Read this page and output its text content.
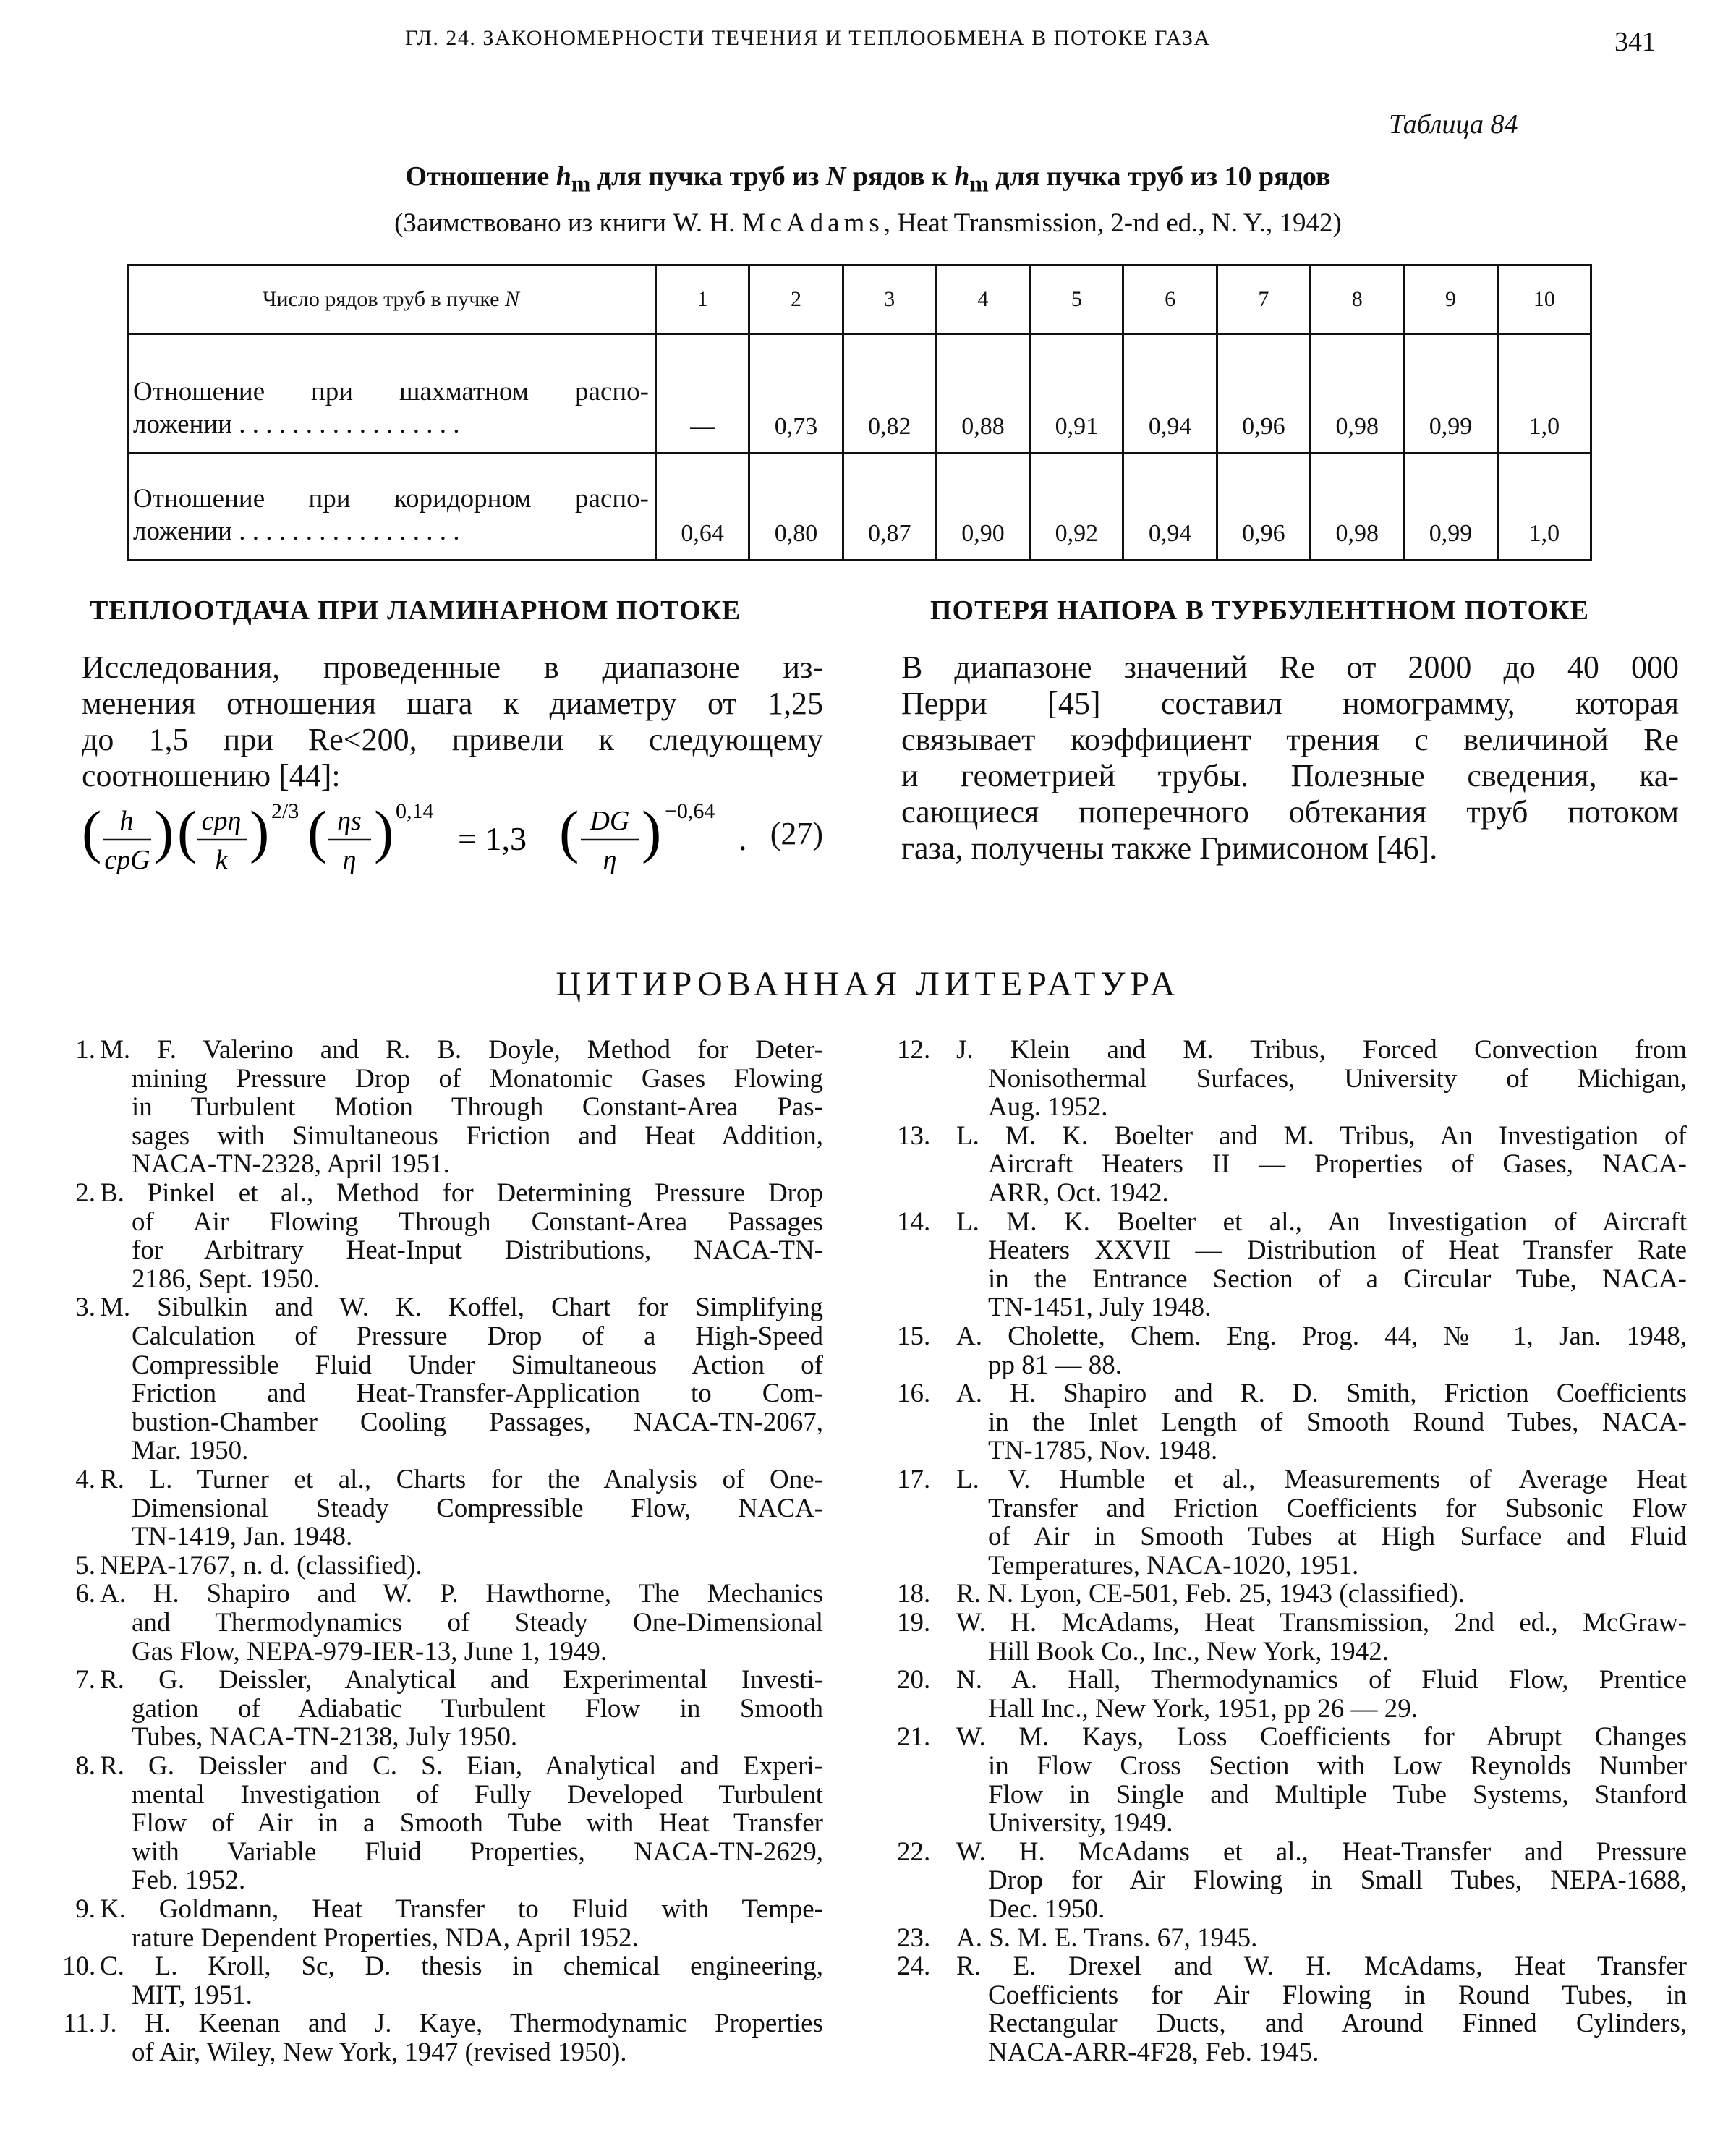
ГЛ. 24. ЗАКОНОМЕРНОСТИ ТЕЧЕНИЯ И ТЕПЛООБМЕНА В ПОТОКЕ ГАЗА	341
Таблица 84
Отношение $h_m$ для пучка труб из N рядов к $h_m$ для пучка труб из 10 рядов
(Заимствовано из книги W. H. McAdams, Heat Transmission, 2-nd ed., N. Y., 1942)
Число рядов труб в пучке N	1	2	3	4	5	6	7	8	9	10

Отношение при шахматном распо-
ложении . . . . . . . . . . . . . . . . .	—	0,73	0,82	0,88	0,91	0,94	0,96	0,98	0,99	1,0

Отношение при коридорном распо-
ложении . . . . . . . . . . . . . . . . .	0,64	0,80	0,87	0,90	0,92	0,94	0,96	0,98	0,99	1,0
ТЕПЛООТДАЧА ПРИ ЛАМИНАРНОМ ПОТОКЕ
Исследования, проведенные в диапазоне из-
менения отношения шага к диаметру от 1,25
до 1,5 при Re<200, привели к следующему
соотношению [44]:
( h
cpG ) ( cpη
k ) 2/3 ( ηs
η ) 0,14
= 1,3 ( DG
η ) −0,64
. (27)
ПОТЕРЯ НАПОРА В ТУРБУЛЕНТНОМ ПОТОКЕ
В диапазоне значений Re от 2000 до 40 000
Перри [45] составил номограмму, которая
связывает коэффициент трения с величиной Re
и геометрией трубы. Полезные сведения, ка-
сающиеся поперечного обтекания труб потоком
газа, получены также Гримисоном [46].
ЦИТИРОВАННАЯ ЛИТЕРАТУРА
1. M. F. Valerino and R. B. Doyle, Method for Deter-
mining Pressure Drop of Monatomic Gases Flowing
in Turbulent Motion Through Constant-Area Pas-
sages with Simultaneous Friction and Heat Addition,
NACA-TN-2328, April 1951.
2. B. Pinkel et al., Method for Determining Pressure Drop
of Air Flowing Through Constant-Area Passages
for Arbitrary Heat-Input Distributions, NACA-TN-
2186, Sept. 1950.
3. M. Sibulkin and W. K. Koffel, Chart for Simplifying
Calculation of Pressure Drop of a High-Speed
Compressible Fluid Under Simultaneous Action of
Friction and Heat-Transfer-Application to Com-
bustion-Chamber Cooling Passages, NACA-TN-2067,
Mar. 1950.
4. R. L. Turner et al., Charts for the Analysis of One-
Dimensional Steady Compressible Flow, NACA-
TN-1419, Jan. 1948.
5. NEPA-1767, n. d. (classified).
6. A. H. Shapiro and W. P. Hawthorne, The Mechanics
and Thermodynamics of Steady One-Dimensional
Gas Flow, NEPA-979-IER-13, June 1, 1949.
7. R. G. Deissler, Analytical and Experimental Investi-
gation of Adiabatic Turbulent Flow in Smooth
Tubes, NACA-TN-2138, July 1950.
8. R. G. Deissler and C. S. Eian, Analytical and Experi-
mental Investigation of Fully Developed Turbulent
Flow of Air in a Smooth Tube with Heat Transfer
with Variable Fluid Properties, NACA-TN-2629,
Feb. 1952.
9. K. Goldmann, Heat Transfer to Fluid with Tempe-
rature Dependent Properties, NDA, April 1952.
10. C. L. Kroll, Sc, D. thesis in chemical engineering,
MIT, 1951.
11. J. H. Keenan and J. Kaye, Thermodynamic Properties
of Air, Wiley, New York, 1947 (revised 1950).
12. J. Klein and M. Tribus, Forced Convection from
Nonisothermal Surfaces, University of Michigan,
Aug. 1952.
13. L. M. K. Boelter and M. Tribus, An Investigation of
Aircraft Heaters II — Properties of Gases, NACA-
ARR, Oct. 1942.
14. L. M. K. Boelter et al., An Investigation of Aircraft
Heaters XXVII — Distribution of Heat Transfer Rate
in the Entrance Section of a Circular Tube, NACA-
TN-1451, July 1948.
15. A. Cholette, Chem. Eng. Prog. 44, № 1, Jan. 1948,
pp 81 — 88.
16. A. H. Shapiro and R. D. Smith, Friction Coefficients
in the Inlet Length of Smooth Round Tubes, NACA-
TN-1785, Nov. 1948.
17. L. V. Humble et al., Measurements of Average Heat
Transfer and Friction Coefficients for Subsonic Flow
of Air in Smooth Tubes at High Surface and Fluid
Temperatures, NACA-1020, 1951.
18. R. N. Lyon, CE-501, Feb. 25, 1943 (classified).
19. W. H. McAdams, Heat Transmission, 2nd ed., McGraw-
Hill Book Co., Inc., New York, 1942.
20. N. A. Hall, Thermodynamics of Fluid Flow, Prentice
Hall Inc., New York, 1951, pp 26 — 29.
21. W. M. Kays, Loss Coefficients for Abrupt Changes
in Flow Cross Section with Low Reynolds Number
Flow in Single and Multiple Tube Systems, Stanford
University, 1949.
22. W. H. McAdams et al., Heat-Transfer and Pressure
Drop for Air Flowing in Small Tubes, NEPA-1688,
Dec. 1950.
23. A. S. M. E. Trans. 67, 1945.
24. R. E. Drexel and W. H. McAdams, Heat Transfer
Coefficients for Air Flowing in Round Tubes, in
Rectangular Ducts, and Around Finned Cylinders,
NACA-ARR-4F28, Feb. 1945.
